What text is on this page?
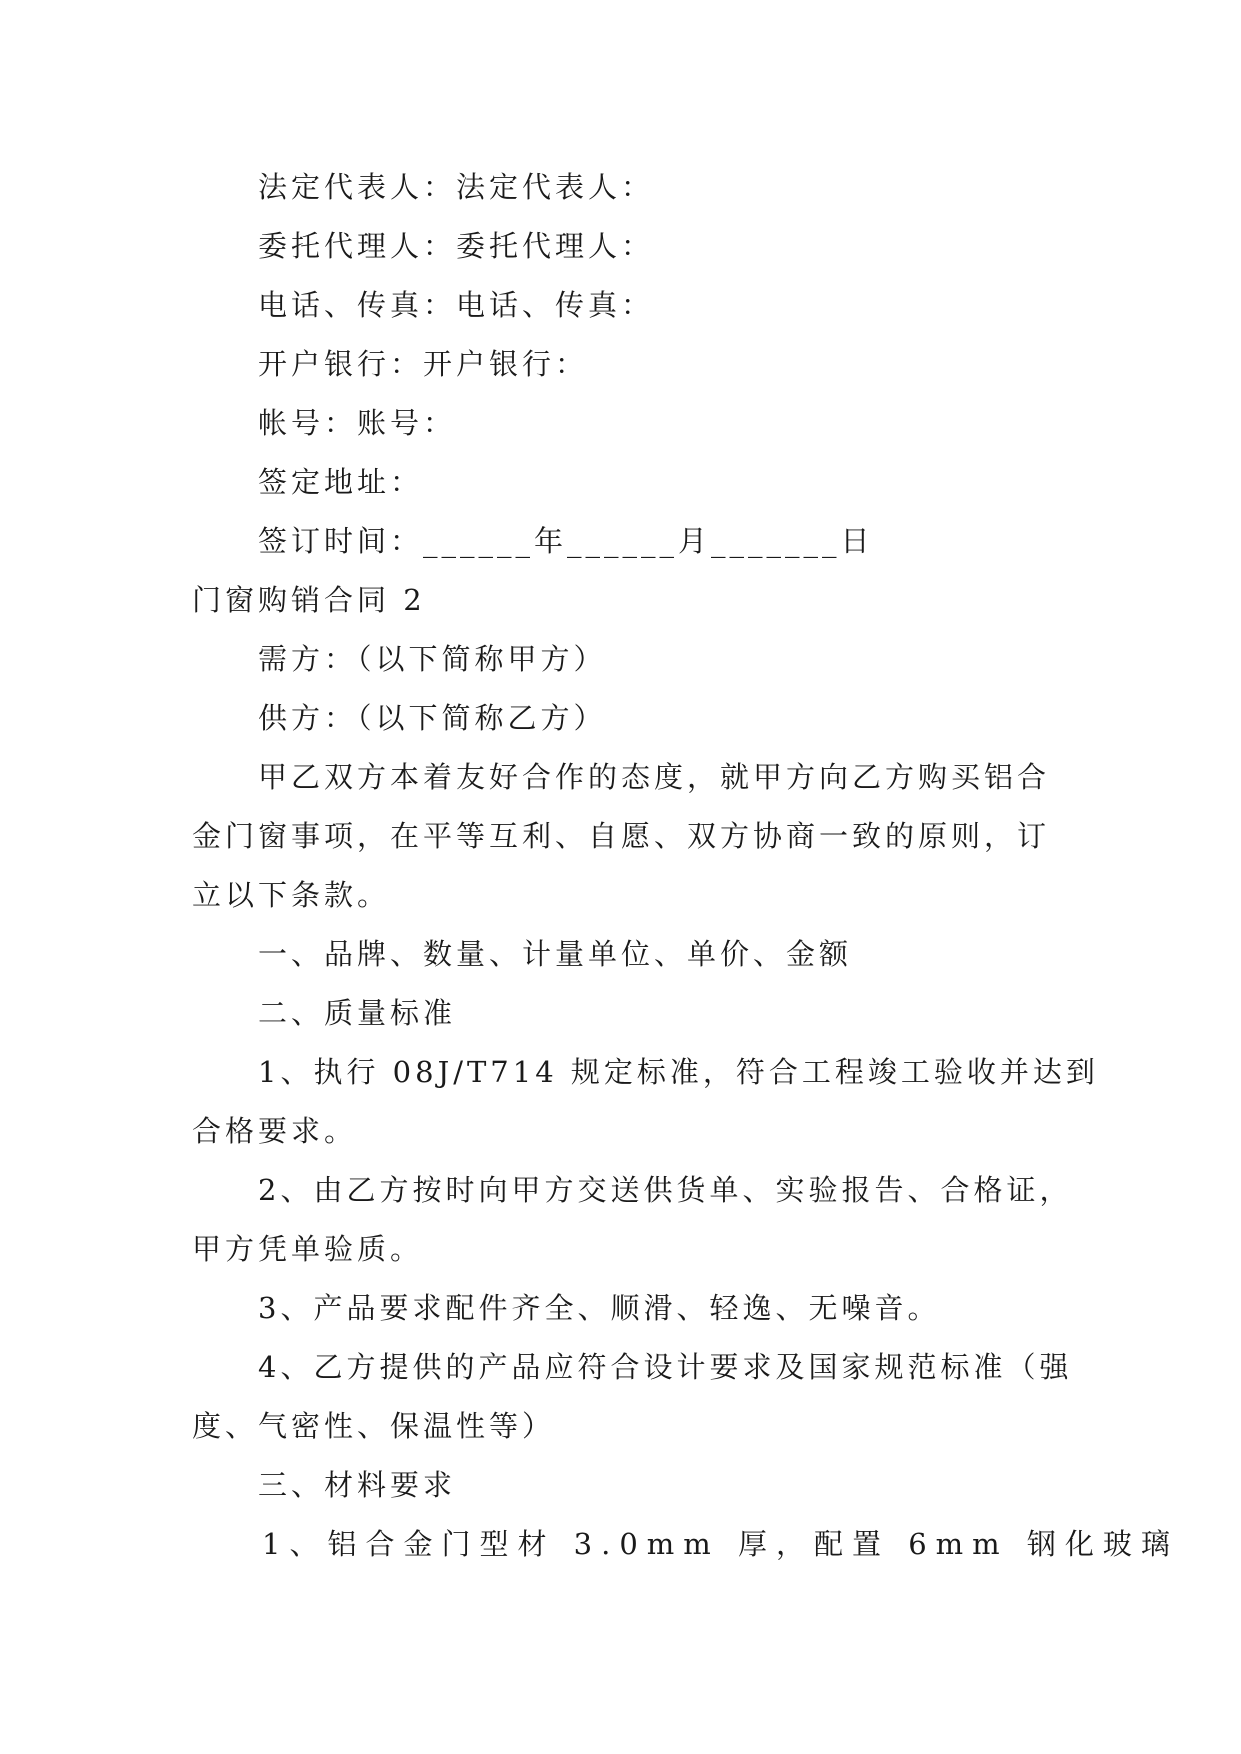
法定代表人：法定代表人：
委托代理人：委托代理人：
电话、传真：电话、传真：
开户银行：开户银行：
帐号：账号：
签定地址：
签订时间：______年______月_______日
门窗购销合同 2
需方：（以下简称甲方）
供方：（以下简称乙方）
甲乙双方本着友好合作的态度，就甲方向乙方购买铝合
金门窗事项，在平等互利、自愿、双方协商一致的原则，订
立以下条款。
一、品牌、数量、计量单位、单价、金额
二、质量标准
1、执行 08J/T714 规定标准，符合工程竣工验收并达到
合格要求。
2、由乙方按时向甲方交送供货单、实验报告、合格证，
甲方凭单验质。
3、产品要求配件齐全、顺滑、轻逸、无噪音。
4、乙方提供的产品应符合设计要求及国家规范标准（强
度、气密性、保温性等）
三、材料要求
1、铝合金门型材 3.0mm 厚，配置 6mm 钢化玻璃
